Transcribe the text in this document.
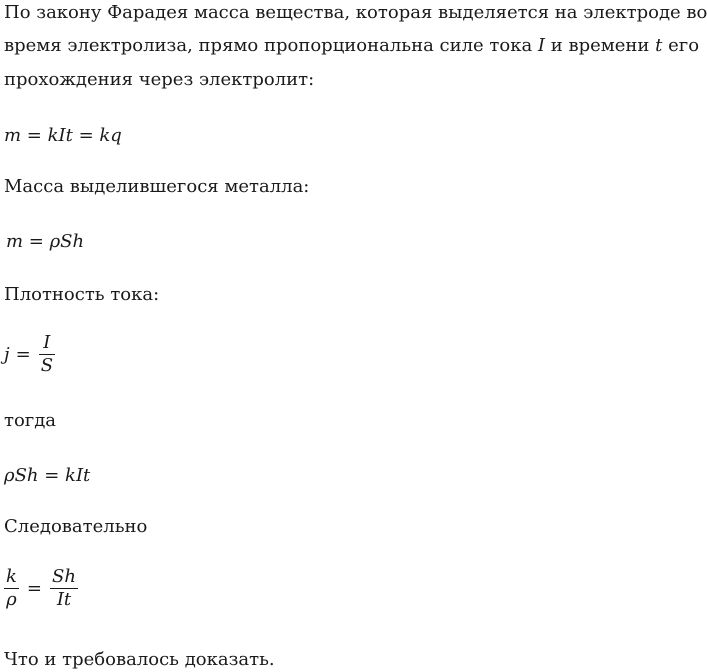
По закону Фарадея масса вещества, которая выделяется на электроде во
время электролиза, прямо пропорциональна силе тока I и времени t его
прохождения через электролит:
m = kIt = kq
Масса выделившегося металла:
m = ρSh
Плотность тока:
$j = \frac{I}{S}$
тогда
ρSh = kIt
Следовательно
$\frac{k}{\rho} = \frac{Sh}{It}$
Что и требовалось доказать.
